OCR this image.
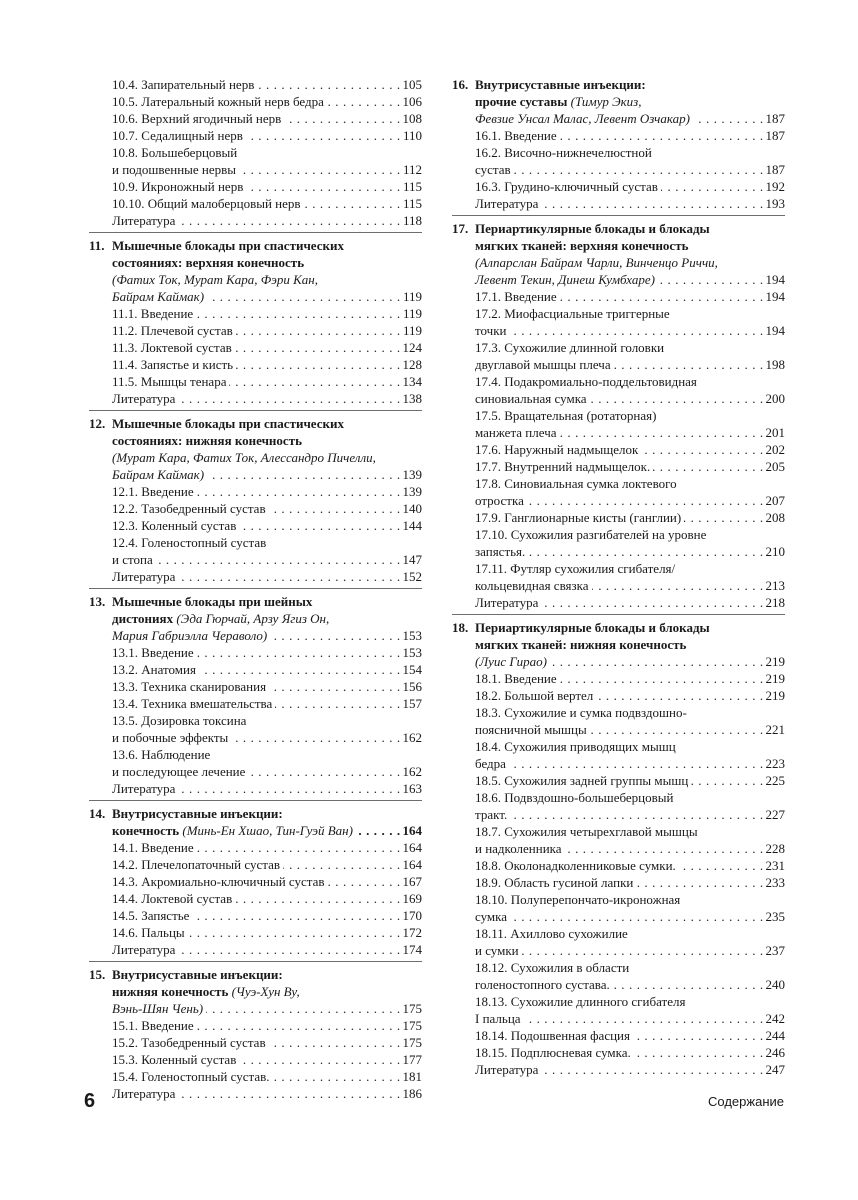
10.4. Запирательный нерв	105
. . .
10.5. Латеральный кожный нерв бедра	106
. . .
10.6. Верхний ягодичный нерв	108
. . .
10.7. Седалищный нерв	110
. . .
10.8. Большеберцовый
и подошвенные нервы	112
. . .
10.9. Икроножный нерв	115
. . .
10.10. Общий малоберцовый нерв	115
. . .
Литература	118
. . .
11. Мышечные блокады при спастических
состояниях: верхняя конечность
(Фатих Ток, Мурат Кара, Фэри Кан,
Байрам Каймак)	119
. . .
11.1. Введение	119
. . .
11.2. Плечевой сустав	119
. . .
11.3. Локтевой сустав	124
. . .
11.4. Запястье и кисть	128
. . .
11.5. Мышцы тенара	134
. . .
Литература	138
. . .
12. Мышечные блокады при спастических
состояниях: нижняя конечность
(Мурат Кара, Фатих Ток, Алессандро Пичелли,
Байрам Каймак)	139
. . .
12.1. Введение	139
. . .
12.2. Тазобедренный сустав	140
. . .
12.3. Коленный сустав	144
. . .
12.4. Голеностопный сустав
и стопа	147
. . .
Литература	152
. . .
13. Мышечные блокады при шейных
дистониях (Эда Гюрчай, Арзу Ягиз Он,
Мария Габриэлла Чераволо)	153
. . .
13.1. Введение	153
. . .
13.2. Анатомия	154
. . .
13.3. Техника сканирования	156
. . .
13.4. Техника вмешательства	157
. . .
13.5. Дозировка токсина
и побочные эффекты	162
. . .
13.6. Наблюдение
и последующее лечение	162
. . .
Литература	163
. . .
14. Внутрисуставные инъекции:
конечность (Минь-Ен Хшао, Тин-Гуэй Ван)	164
. . .
14.1. Введение	164
. . .
14.2. Плечелопаточный сустав	164
. . .
14.3. Акромиально-ключичный сустав	167
. . .
14.4. Локтевой сустав	169
. . .
14.5. Запястье	170
. . .
14.6. Пальцы	172
. . .
Литература	174
. . .
15. Внутрисуставные инъекции:
нижняя конечность (Чуэ-Хун Ву,
Вэнь-Шян Чень)	175
. . .
15.1. Введение	175
. . .
15.2. Тазобедренный сустав	175
. . .
15.3. Коленный сустав	177
. . .
15.4. Голеностопный сустав.	181
. . .
Литература	186
. . .
16. Внутрисуставные инъекции:
прочие суставы (Тимур Экиз,
Февзие Унсал Малас, Левент Озчакар)	187
. . .
16.1. Введение	187
. . .
16.2. Височно-нижнечелюстной
сустав	187
. . .
16.3. Грудино-ключичный сустав	192
. . .
Литература	193
. . .
17. Периартикулярные блокады и блокады
мягких тканей: верхняя конечность
(Алпарслан Байрам Чарли, Винченцо Риччи,
Левент Текин, Динеш Кумбхаре)	194
. . .
17.1. Введение	194
. . .
17.2. Миофасциальные триггерные
точки	194
. . .
17.3. Сухожилие длинной головки
двуглавой мышцы плеча	198
. . .
17.4. Подакромиально-поддельтовидная
синовиальная сумка	200
. . .
17.5. Вращательная (ротаторная)
манжета плеча	201
. . .
17.6. Наружный надмыщелок	202
. . .
17.7. Внутренний надмыщелок.	205
. . .
17.8. Синовиальная сумка локтевого
отростка	207
. . .
17.9. Ганглионарные кисты (ганглии)	208
. . .
17.10. Сухожилия разгибателей на уровне
запястья.	210
. . .
17.11. Футляр сухожилия сгибателя/
кольцевидная связка	213
. . .
Литература	218
. . .
18. Периартикулярные блокады и блокады
мягких тканей: нижняя конечность
(Луис Гирао)	219
. . .
18.1. Введение	219
. . .
18.2. Большой вертел	219
. . .
18.3. Сухожилие и сумка подвздошно-
поясничной мышцы	221
. . .
18.4. Сухожилия приводящих мышц
бедра	223
. . .
18.5. Сухожилия задней группы мышц	225
. . .
18.6. Подвздошно-большеберцовый
тракт.	227
. . .
18.7. Сухожилия четырехглавой мышцы
и надколенника	228
. . .
18.8. Околонадколенниковые сумки.	231
. . .
18.9. Область гусиной лапки	233
. . .
18.10. Полуперепончато-икроножная
сумка	235
. . .
18.11. Ахиллово сухожилие
и сумки	237
. . .
18.12. Сухожилия в области
голеностопного сустава.	240
. . .
18.13. Сухожилие длинного сгибателя
I пальца	242
. . .
18.14. Подошвенная фасция	244
. . .
18.15. Подплюсневая сумка.	246
. . .
Литература	247
. . .
6	Содержание
